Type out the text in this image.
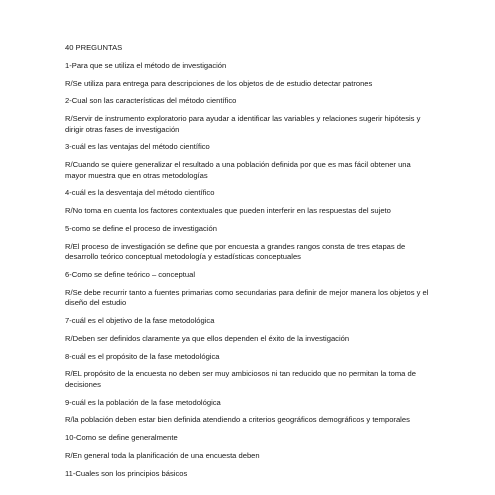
40 PREGUNTAS
1-Para que se utiliza el método de investigación
R/Se utiliza para entrega para descripciones de los objetos de de estudio detectar patrones
2-Cual son las características del método científico
R/Servir de instrumento exploratorio para ayudar a identificar las variables y relaciones sugerir hipótesis y dirigir otras fases de investigación
3-cuál es las ventajas del método científico
R/Cuando se quiere generalizar el resultado a una población definida por que es mas fácil obtener una mayor muestra que en otras metodologías
4-cuál es la desventaja del método científico
R/No toma en cuenta los factores contextuales que pueden interferir en las respuestas del sujeto
5-como se define el proceso de investigación
R/El proceso de investigación se define que por encuesta a grandes rangos consta de tres etapas de desarrollo teórico conceptual metodología y estadísticas conceptuales
6-Como se define teórico – conceptual
R/Se debe recurrir tanto a fuentes primarias como secundarias para definir de mejor manera los objetos y el diseño del estudio
7-cuál es el objetivo de la fase metodológica
R/Deben ser definidos claramente ya que ellos dependen el éxito de la investigación
8-cuál es el propósito de la fase metodológica
R/EL propósito de la encuesta no deben ser muy ambiciosos ni tan reducido que no permitan la toma de decisiones
9-cuál es la población de la fase metodológica
R/la población deben estar bien definida atendiendo a criterios geográficos demográficos y temporales
10-Como se define generalmente
R/En general toda la planificación de una encuesta deben
11-Cuales son los principios básicos
